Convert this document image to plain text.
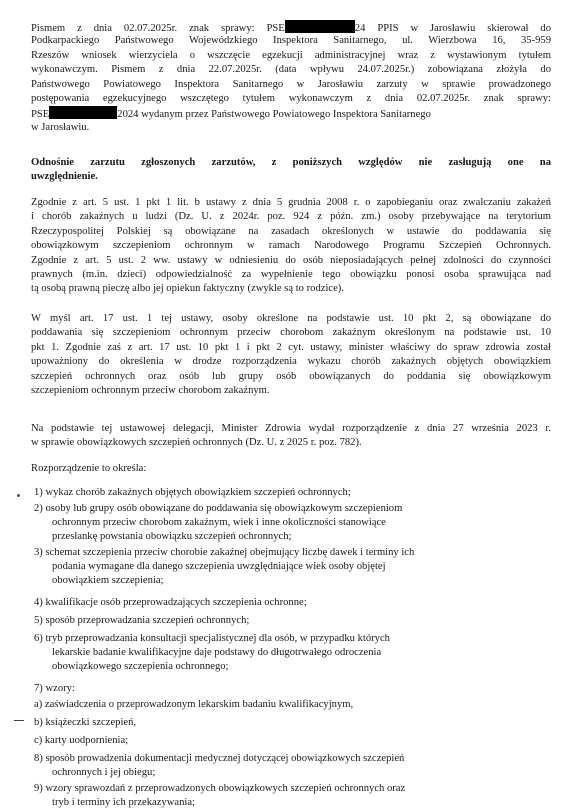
Pismem z dnia 02.07.2025r. znak sprawy: PSE	24 PPIS w Jarosławiu skierował do
Podkarpackiego Państwowego Wojewódzkiego Inspektora Sanitarnego, ul. Wierzbowa 16, 35-959
Rzeszów wniosek wierzyciela o wszczęcie egzekucji administracyjnej wraz z wystawionym tytułem
wykonawczym. Pismem z dnia 22.07.2025r. (data wpływu 24.07.2025r.) zobowiązana złożyła do
Państwowego Powiatowego Inspektora Sanitarnego w Jarosławiu zarzuty w sprawie prowadzonego
postępowania egzekucyjnego wszczętego tytułem wykonawczym z dnia 02.07.2025r. znak sprawy:
PSE	2024 wydanym przez Państwowego Powiatowego Inspektora Sanitarnego
w Jarosławiu.
Odnośnie zarzutu zgłoszonych zarzutów, z poniższych względów nie zasługują one na
uwzględnienie.
Zgodnie z art. 5 ust. 1 pkt 1 lit. b ustawy z dnia 5 grudnia 2008 r. o zapobieganiu oraz zwalczaniu zakażeń
i chorób zakaźnych u ludzi (Dz. U. z 2024r. poz. 924 z późn. zm.) osoby przebywające na terytorium
Rzeczypospolitej Polskiej są obowiązane na zasadach określonych w ustawie do poddawania się
obowiązkowym szczepieniom ochronnym w ramach Narodowego Programu Szczepień Ochronnych.
Zgodnie z art. 5 ust. 2 ww. ustawy w odniesieniu do osób nieposiadających pełnej zdolności do czynności
prawnych (m.in. dzieci) odpowiedzialność za wypełnienie tego obowiązku ponosi osoba sprawująca nad
tą osobą prawną pieczę albo jej opiekun faktyczny (zwykle są to rodzice).
W myśl art. 17 ust. 1 tej ustawy, osoby określone na podstawie ust. 10 pkt 2, są obowiązane do
poddawania się szczepieniom ochronnym przeciw chorobom zakaźnym określonym na podstawie ust. 10
pkt 1. Zgodnie zaś z art. 17 ust. 10 pkt 1 i pkt 2 cyt. ustawy, minister właściwy do spraw zdrowia został
upoważniony do określenia w drodze rozporządzenia wykazu chorób zakaźnych objętych obowiązkiem
szczepień ochronnych oraz osób lub grupy osób obowiązanych do poddania się obowiązkowym
szczepieniom ochronnym przeciw chorobom zakaźnym.
Na podstawie tej ustawowej delegacji, Minister Zdrowia wydał rozporządzenie z dnia 27 września 2023 r.
w sprawie obowiązkowych szczepień ochronnych (Dz. U. z 2025 r. poz. 782).
Rozporządzenie to określa:
1) wykaz chorób zakaźnych objętych obowiązkiem szczepień ochronnych;
2) osoby lub grupy osób obowiązane do poddawania się obowiązkowym szczepieniom
ochronnym przeciw chorobom zakaźnym, wiek i inne okoliczności stanowiące
przesłankę powstania obowiązku szczepień ochronnych;
3) schemat szczepienia przeciw chorobie zakaźnej obejmujący liczbę dawek i terminy ich
podania wymagane dla danego szczepienia uwzględniające wiek osoby objętej
obowiązkiem szczepienia;
4) kwalifikacje osób przeprowadzających szczepienia ochronne;
5) sposób przeprowadzania szczepień ochronnych;
6) tryb przeprowadzania konsultacji specjalistycznej dla osób, w przypadku których
lekarskie badanie kwalifikacyjne daje podstawy do długotrwałego odroczenia
obowiązkowego szczepienia ochronnego;
7) wzory:
a) zaświadczenia o przeprowadzonym lekarskim badaniu kwalifikacyjnym,
b) książeczki szczepień,
c) karty uodpornienia;
8) sposób prowadzenia dokumentacji medycznej dotyczącej obowiązkowych szczepień
ochronnych i jej obiegu;
9) wzory sprawozdań z przeprowadzonych obowiązkowych szczepień ochronnych oraz
tryb i terminy ich przekazywania;
